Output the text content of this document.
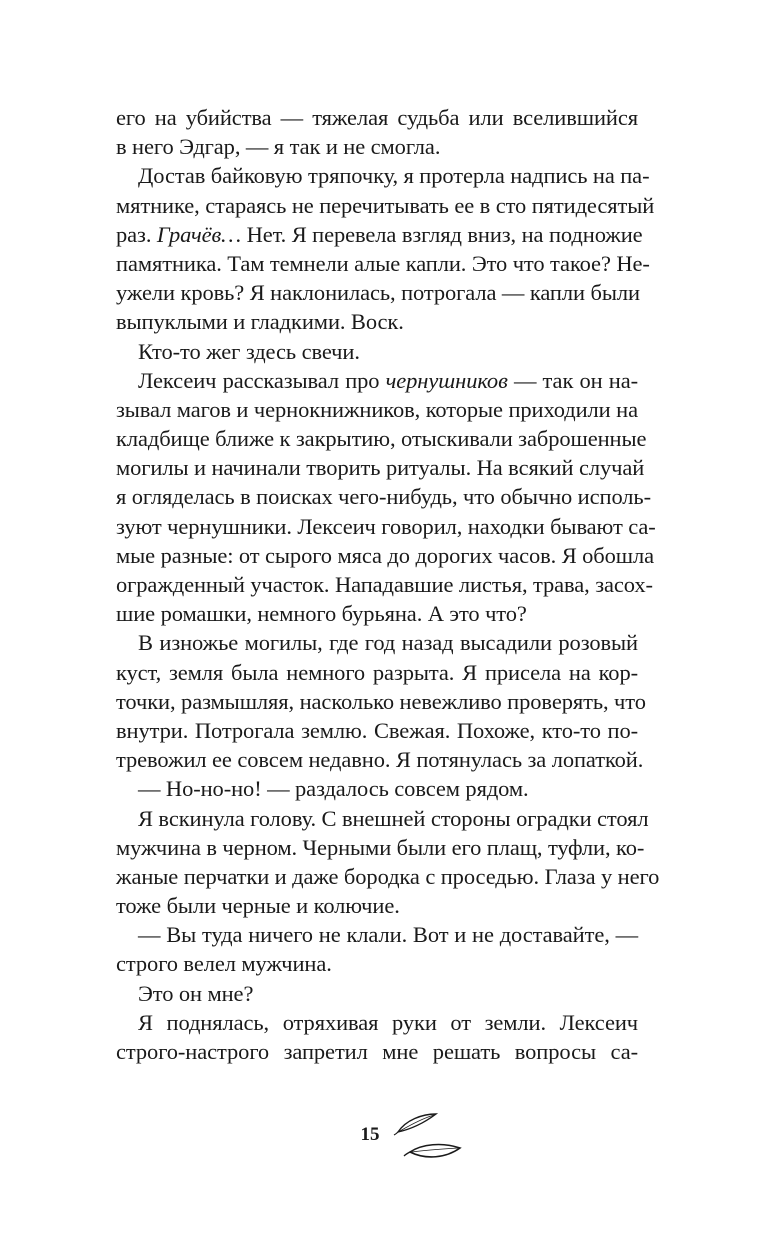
его на убийства — тяжелая судьба или вселившийся
в него Эдгар, — я так и не смогла.
Достав байковую тряпочку, я протерла надпись на па-
мятнике, стараясь не перечитывать ее в сто пятидесятый
раз. Грачёв… Нет. Я перевела взгляд вниз, на подножие
памятника. Там темнели алые капли. Это что такое? Не-
ужели кровь? Я наклонилась, потрогала — капли были
выпуклыми и гладкими. Воск.
Кто-то жег здесь свечи.
Лексеич рассказывал про чернушников — так он на-
зывал магов и чернокнижников, которые приходили на
кладбище ближе к закрытию, отыскивали заброшенные
могилы и начинали творить ритуалы. На всякий случай
я огляделась в поисках чего-нибудь, что обычно исполь-
зуют чернушники. Лексеич говорил, находки бывают са-
мые разные: от сырого мяса до дорогих часов. Я обошла
огражденный участок. Нападавшие листья, трава, засох-
шие ромашки, немного бурьяна. А это что?
В изножье могилы, где год назад высадили розовый
куст, земля была немного разрыта. Я присела на кор-
точки, размышляя, насколько невежливо проверять, что
внутри. Потрогала землю. Свежая. Похоже, кто-то по-
тревожил ее совсем недавно. Я потянулась за лопаткой.
— Но-но-но! — раздалось совсем рядом.
Я вскинула голову. С внешней стороны оградки стоял
мужчина в черном. Черными были его плащ, туфли, ко-
жаные перчатки и даже бородка с проседью. Глаза у него
тоже были черные и колючие.
— Вы туда ничего не клали. Вот и не доставайте, —
строго велел мужчина.
Это он мне?
Я поднялась, отряхивая руки от земли. Лексеич
строго-настрого запретил мне решать вопросы са-
15
